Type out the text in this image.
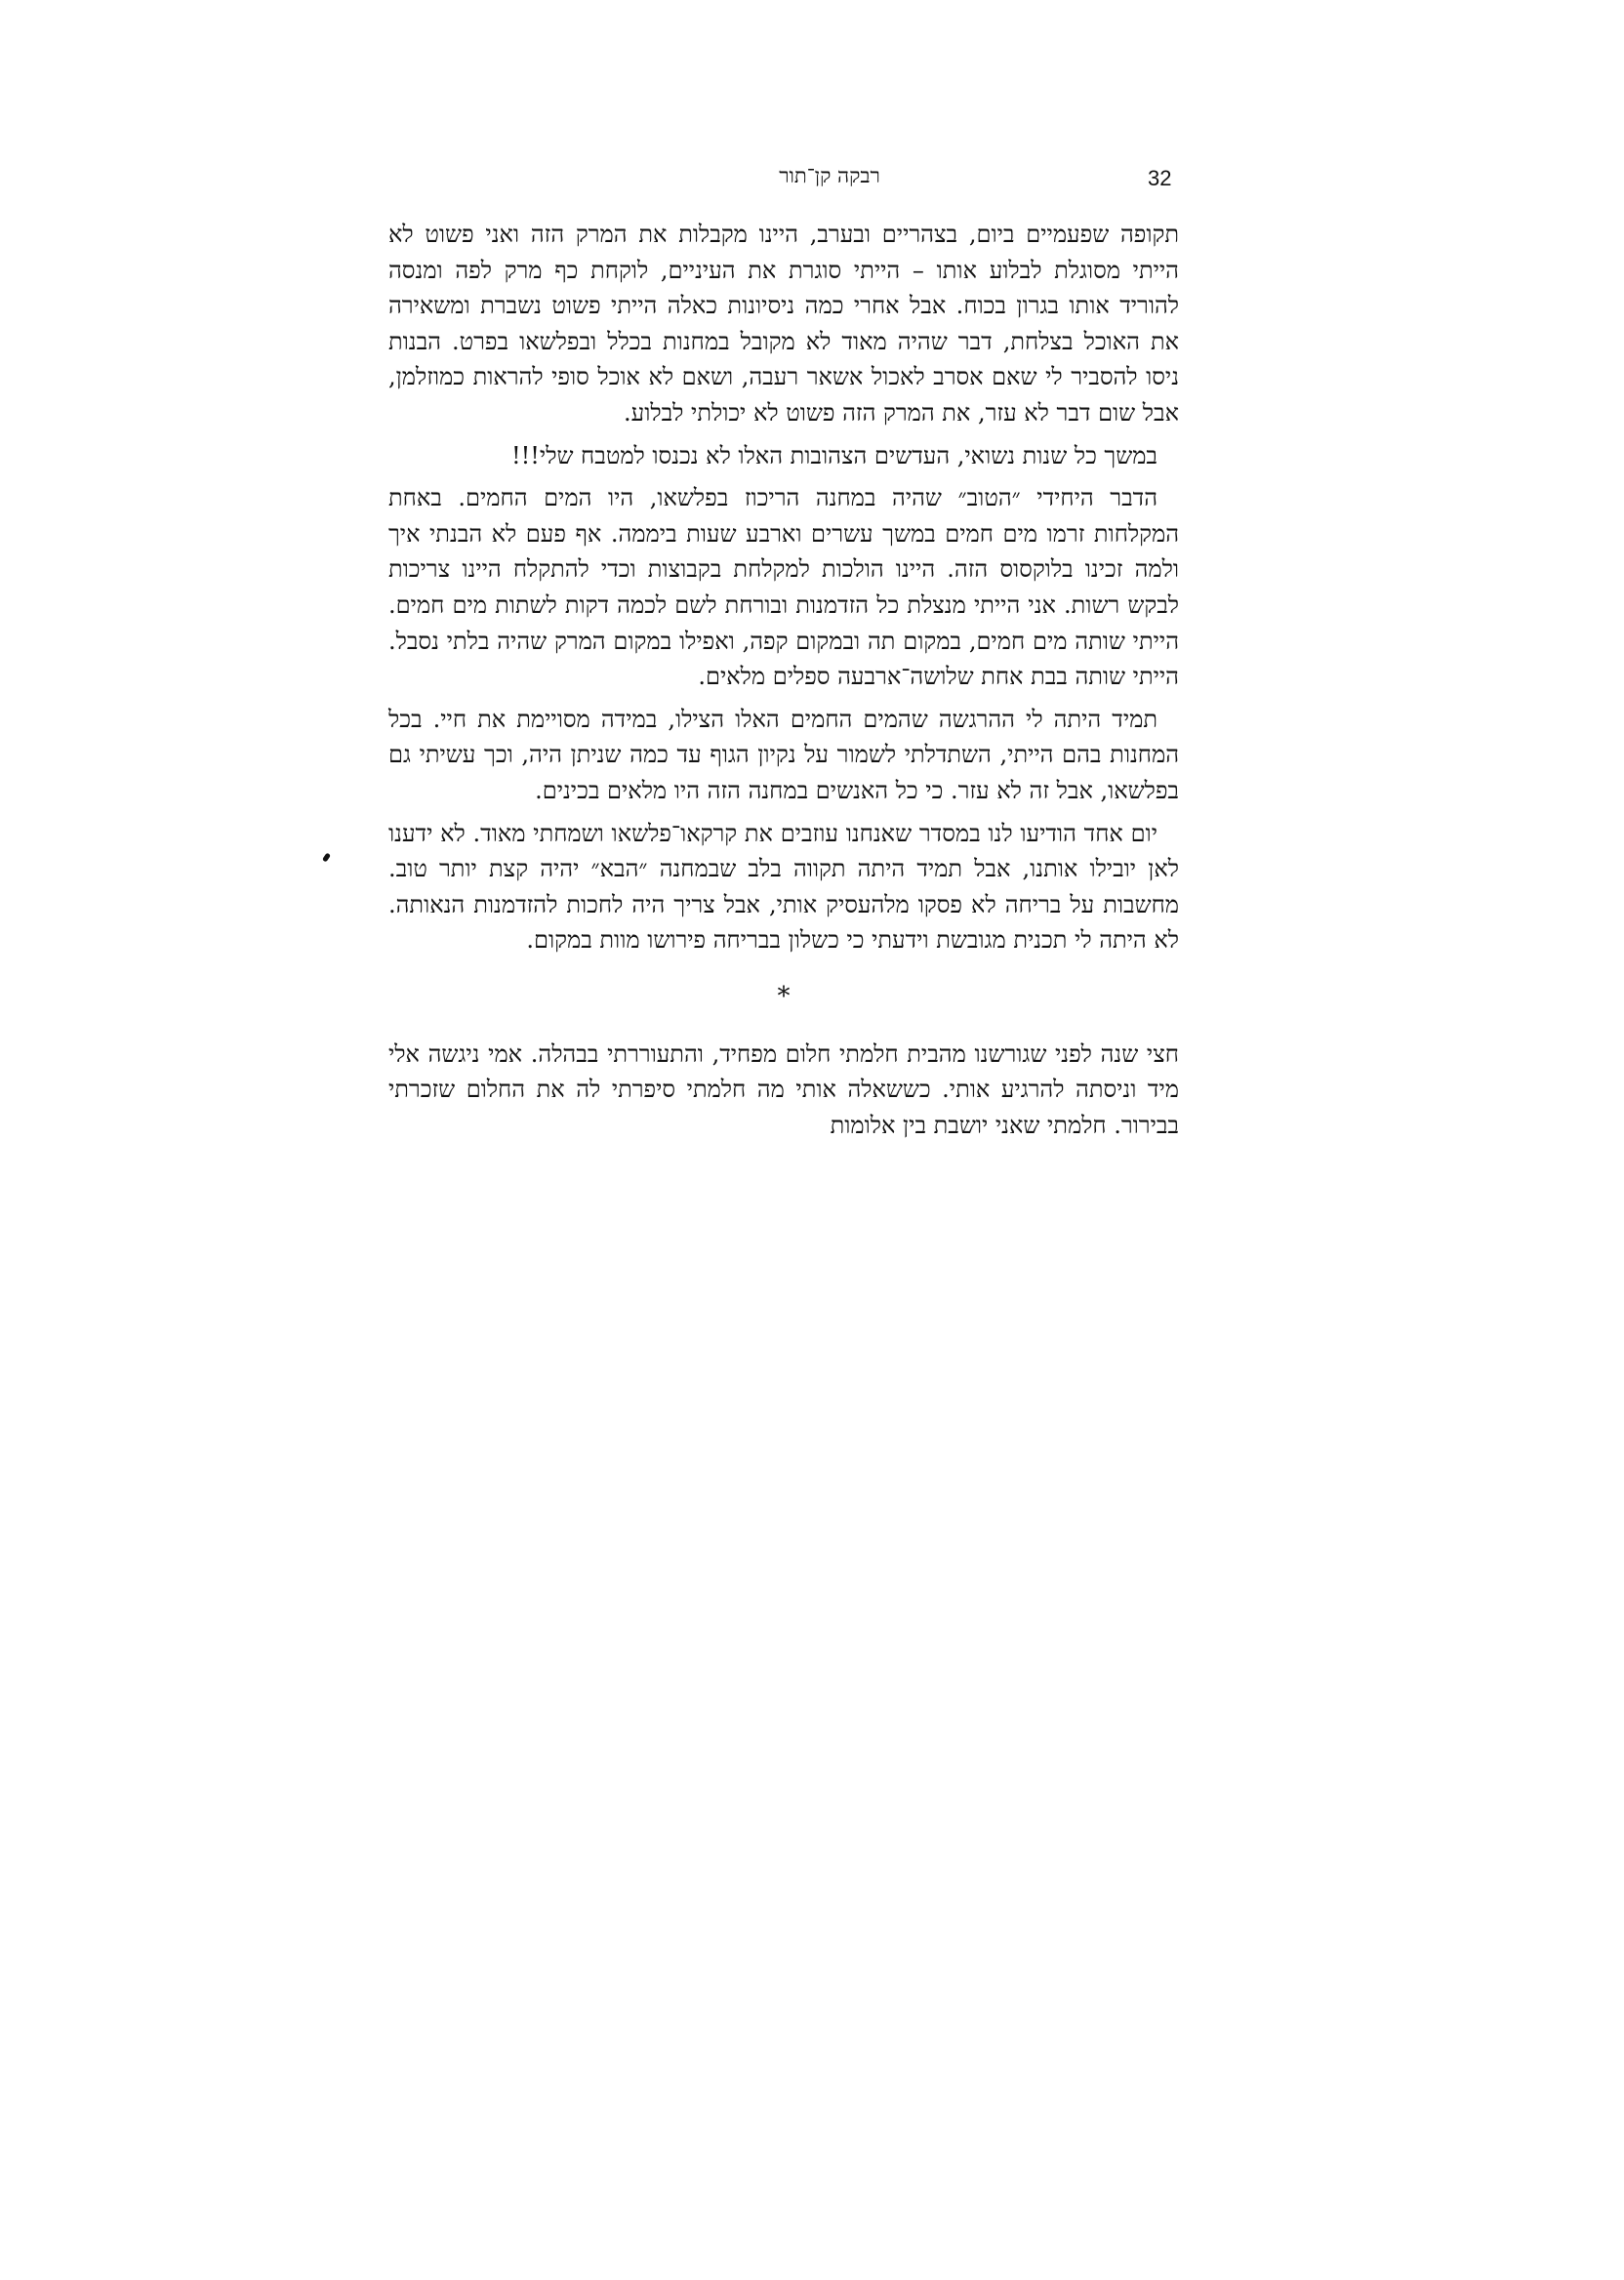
32
רבקה קן־תור

תקופה שפעמיים ביום, בצהריים ובערב, היינו מקבלות את המרק הזה ואני פשוט לא הייתי מסוגלת לבלוע אותו – הייתי סוגרת את העיניים, לוקחת כף מרק לפה ומנסה להוריד אותו בגרון בכוח. אבל אחרי כמה ניסיונות כאלה הייתי פשוט נשברת ומשאירה את האוכל בצלחת, דבר שהיה מאוד לא מקובל במחנות בכלל ובפלשאו בפרט. הבנות ניסו להסביר לי שאם אסרב לאכול אשאר רעבה, ושאם לא אוכל סופי להראות כמוזלמן, אבל שום דבר לא עזר, את המרק הזה פשוט לא יכולתי לבלוע.

במשך כל שנות נשואי, העדשים הצהובות האלו לא נכנסו למטבח שלי!!!

הדבר היחידי ״הטוב״ שהיה במחנה הריכוז בפלשאו, היו המים החמים. באחת המקלחות זרמו מים חמים במשך עשרים וארבע שעות ביממה. אף פעם לא הבנתי איך ולמה זכינו בלוקסוס הזה. היינו הולכות למקלחת בקבוצות וכדי להתקלח היינו צריכות לבקש רשות. אני הייתי מנצלת כל הזדמנות ובורחת לשם לכמה דקות לשתות מים חמים. הייתי שותה מים חמים, במקום תה ובמקום קפה, ואפילו במקום המרק שהיה בלתי נסבל. הייתי שותה בבת אחת שלושה־ארבעה ספלים מלאים.

תמיד היתה לי ההרגשה שהמים החמים האלו הצילו, במידה מסויימת את חיי. בכל המחנות בהם הייתי, השתדלתי לשמור על נקיון הגוף עד כמה שניתן היה, וכך עשיתי גם בפלשאו, אבל זה לא עזר. כי כל האנשים במחנה הזה היו מלאים בכינים.

יום אחד הודיעו לנו במסדר שאנחנו עוזבים את קרקאו־פלשאו ושמחתי מאוד. לא ידענו לאן יובילו אותנו, אבל תמיד היתה תקווה בלב שבמחנה ״הבא״ יהיה קצת יותר טוב. מחשבות על בריחה לא פסקו מלהעסיק אותי, אבל צריך היה לחכות להזדמנות הנאותה. לא היתה לי תכנית מגובשת וידעתי כי כשלון בבריחה פירושו מוות במקום.

*

חצי שנה לפני שגורשנו מהבית חלמתי חלום מפחיד, והתעוררתי בבהלה. אמי ניגשה אלי מיד וניסתה להרגיע אותי. כששאלה אותי מה חלמתי סיפרתי לה את החלום שזכרתי בבירור. חלמתי שאני יושבת בין אלומות
